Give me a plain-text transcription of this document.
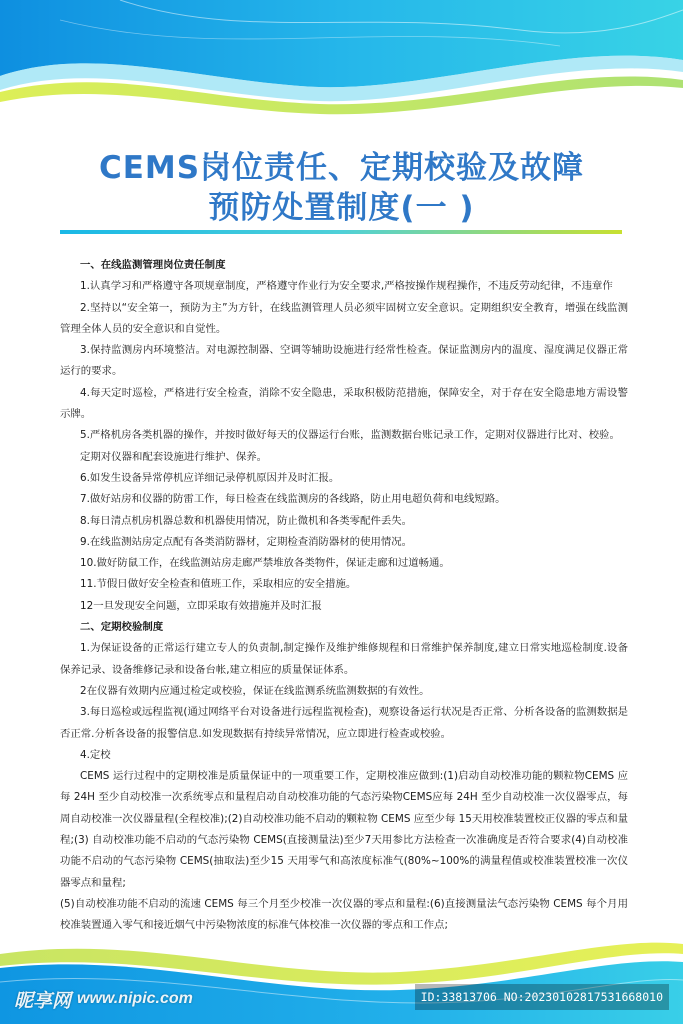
CEMS岗位责任、定期校验及故障
预防处置制度(一 )

一、在线监测管理岗位责任制度

1.认真学习和严格遵守各项规章制度，严格遵守作业行为安全要求,严格按操作规程操作，不违反劳动纪律，不违章作

2.坚持以“安全第一，预防为主”为方针，在线监测管理人员必须牢固树立安全意识。定期组织安全教育，增强在线监测管理全体人员的安全意识和自觉性。

3.保持监测房内环境整洁。对电源控制器、空调等辅助设施进行经常性检查。保证监测房内的温度、湿度满足仪器正常运行的要求。

4.每天定时巡检，严格进行安全检查，消除不安全隐患，采取积极防范措施，保障安全，对于存在安全隐患地方需设警示牌。

5.严格机房各类机器的操作，并按时做好每天的仪器运行台账，监测数据台账记录工作，定期对仪器进行比对、校验。

定期对仪器和配套设施进行维护、保养。

6.如发生设备异常停机应详细记录停机原因并及时汇报。

7.做好站房和仪器的防雷工作，每日检查在线监测房的各线路，防止用电超负荷和电线短路。

8.每日清点机房机器总数和机器使用情况，防止微机和各类零配件丢失。

9.在线监测站房定点配有各类消防器材，定期检查消防器材的使用情况。

10.做好防鼠工作，在线监测站房走廊严禁堆放各类物件，保证走廊和过道畅通。

11.节假日做好安全检查和值班工作，采取相应的安全措施。

12一旦发现安全问题，立即采取有效措施并及时汇报

二、定期校验制度

1.为保证设备的正常运行建立专人的负责制,制定操作及维护维修规程和日常维护保养制度,建立日常实地巡检制度.设备保养记录、设备维修记录和设备台帐,建立相应的质量保证体系。

2在仪器有效期内应通过检定或校验，保证在线监测系统监测数据的有效性。

3.每日巡检或远程监视(通过网络平台对设备进行远程监视检查)，观察设备运行状况是否正常、分析各设备的监测数据是否正常.分析各设备的报警信息.如发现数据有持续异常情况，应立即进行检查或校验。

4.定校

CEMS 运行过程中的定期校准是质量保证中的一项重要工作，定期校准应做到:(1)启动自动校准功能的颗粒物CEMS 应每 24H 至少自动校准一次系统零点和量程启动自动校准功能的气态污染物CEMS应每 24H 至少自动校准一次仪器零点，每周自动校准一次仪器量程(全程校准);(2)自动校准功能不启动的颗粒物 CEMS 应至少每 15天用校准装置校正仪器的零点和量程;(3) 自动校准功能不启动的气态污染物 CEMS(直接测量法)至少7天用参比方法检查一次准确度是否符合要求(4)自动校准功能不启动的气态污染物 CEMS(抽取法)至少15 天用零气和高浓度标准气(80%~100%的满量程值或校准装置校准一次仪器零点和量程;

(5)自动校准功能不启动的流速 CEMS 每三个月至少校准一次仪器的零点和量程:(6)直接测量法气态污染物 CEMS 每个月用校准装置通入零气和接近烟气中污染物浓度的标准气体校准一次仪器的零点和工作点;

昵享网 www.nipic.com	ID:33813706 NO:20230102817531668010
